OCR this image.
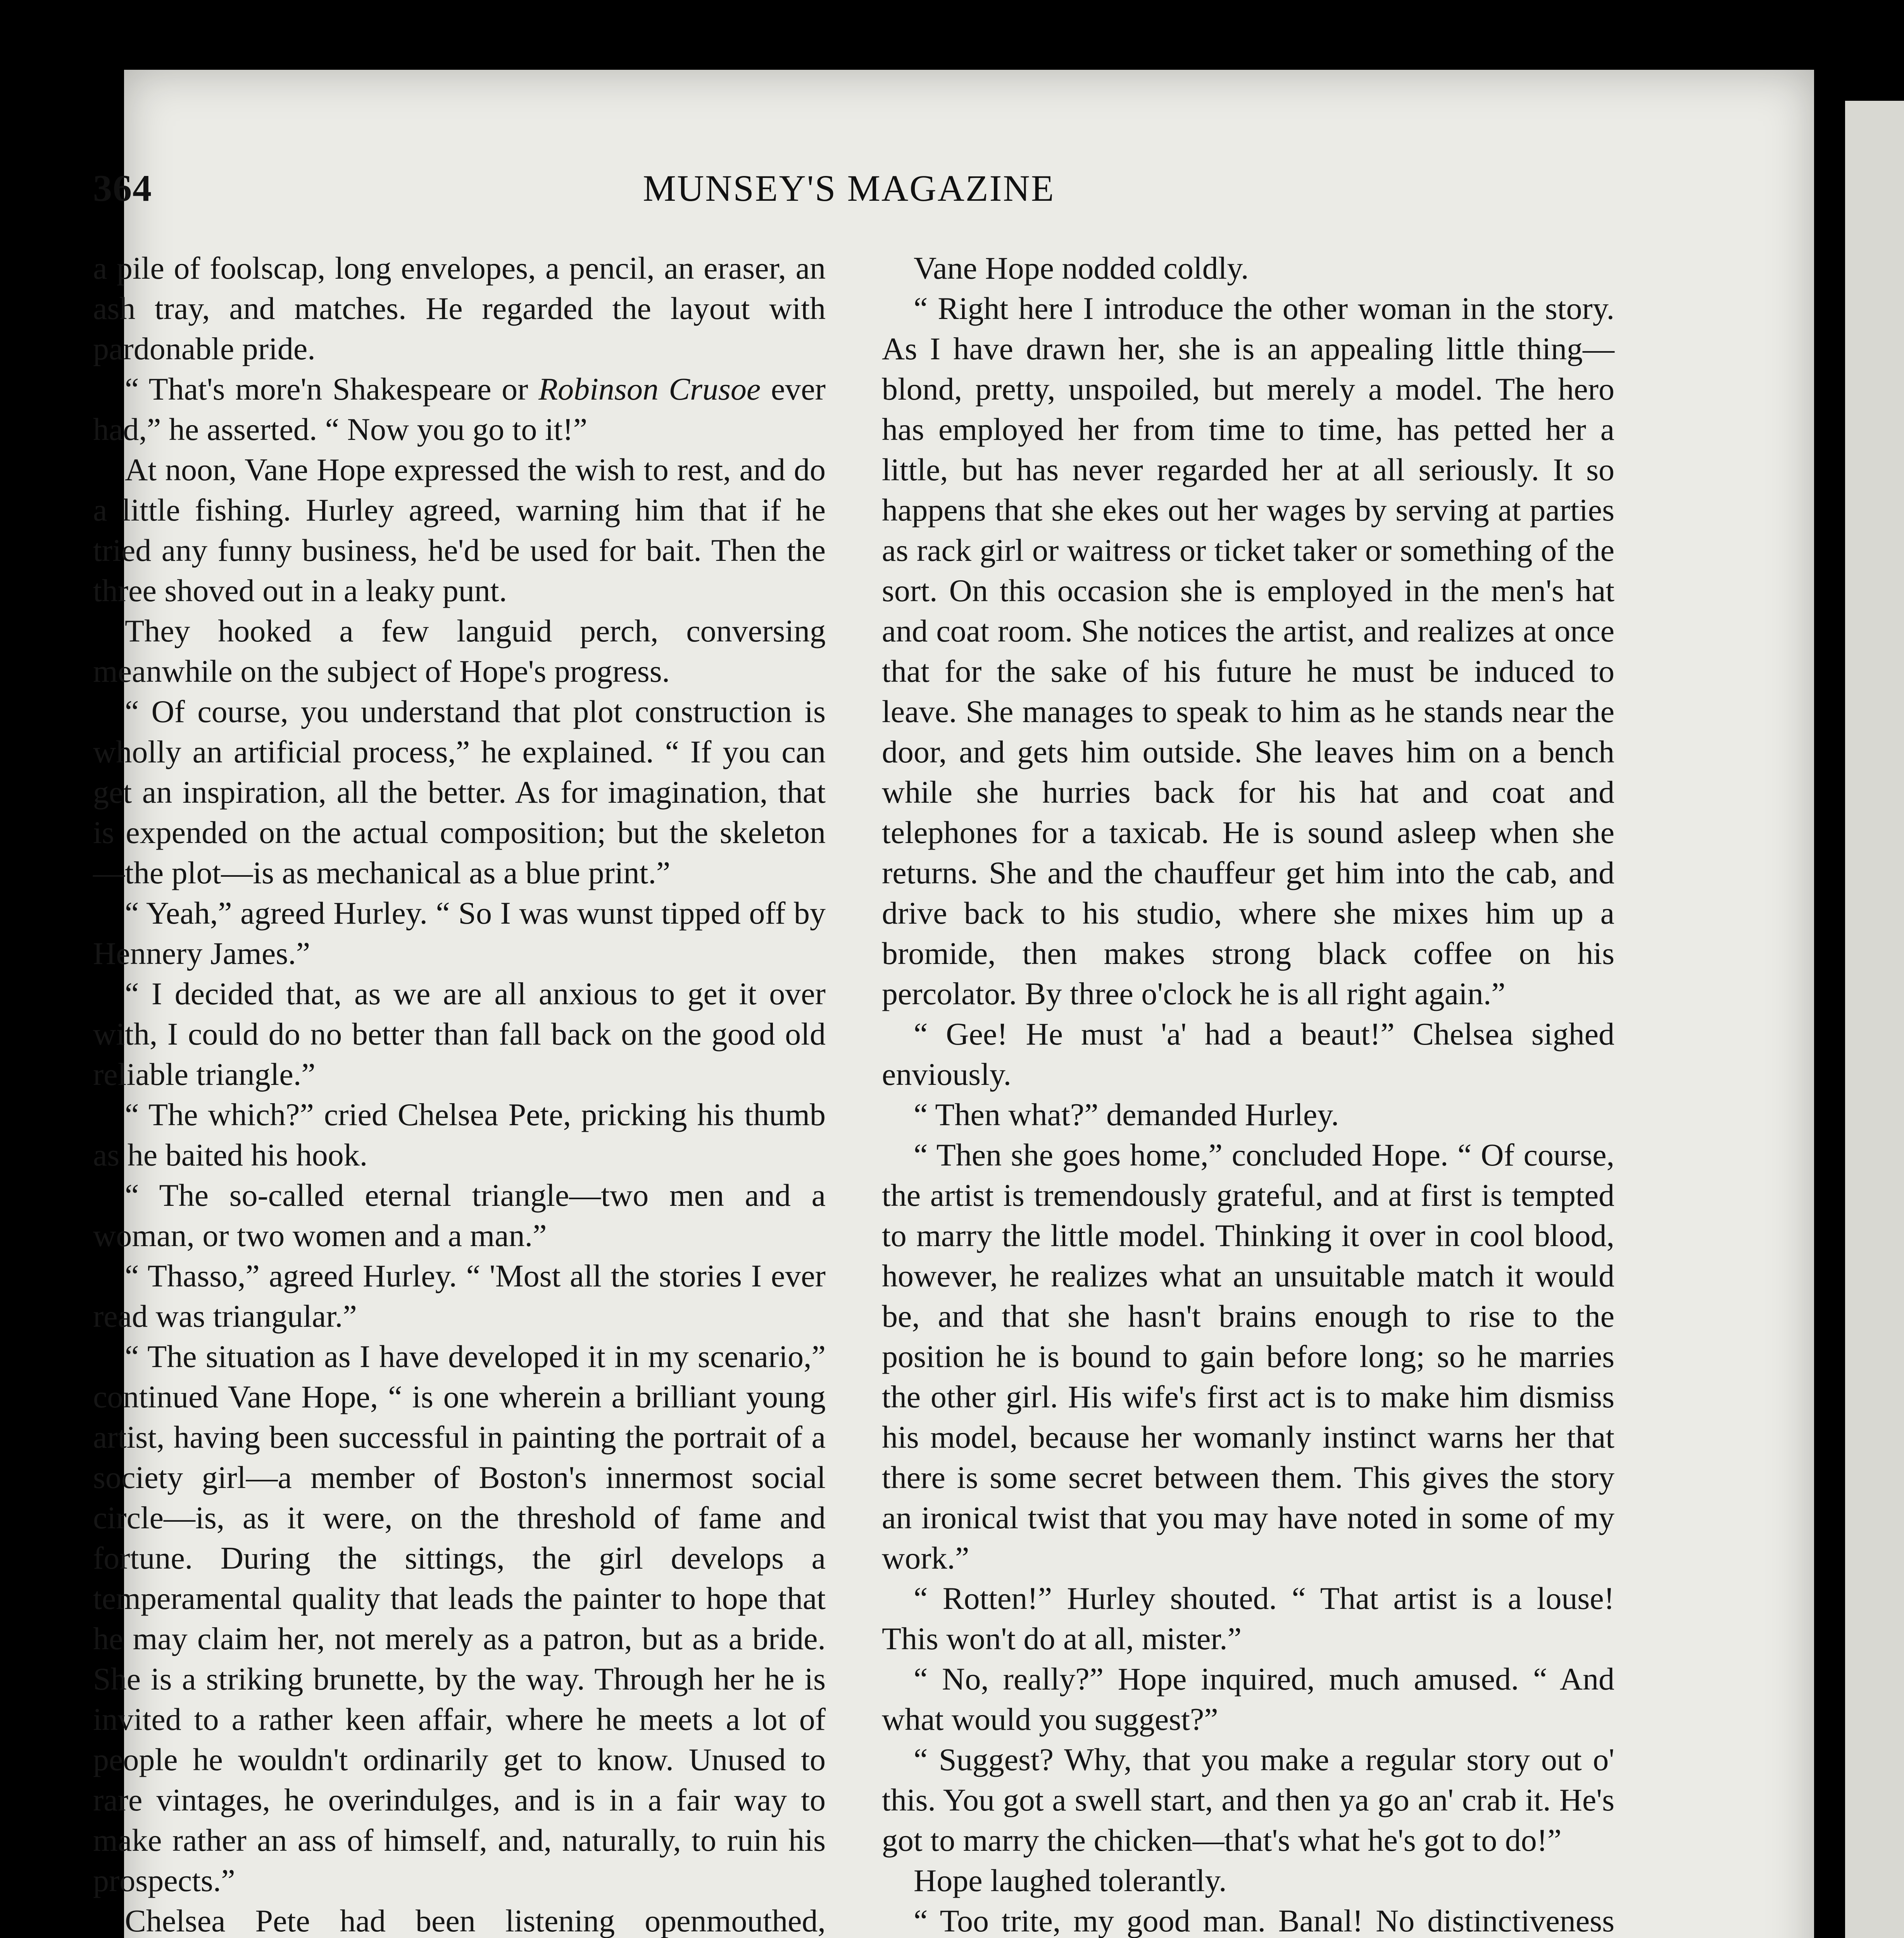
364	MUNSEY'S MAGAZINE

a pile of foolscap, long envelopes, a pencil, an eraser, an ash tray, and matches. He regarded the layout with pardonable pride.

“ That's more'n Shakespeare or Robinson Crusoe ever had,” he asserted. “ Now you go to it!”

At noon, Vane Hope expressed the wish to rest, and do a little fishing. Hurley agreed, warning him that if he tried any funny business, he'd be used for bait. Then the three shoved out in a leaky punt.

They hooked a few languid perch, conversing meanwhile on the subject of Hope's progress.

“ Of course, you understand that plot construction is wholly an artificial process,” he explained. “ If you can get an inspiration, all the better. As for imagination, that is expended on the actual composition; but the skeleton—the plot—is as mechanical as a blue print.”

“ Yeah,” agreed Hurley. “ So I was wunst tipped off by Hennery James.”

“ I decided that, as we are all anxious to get it over with, I could do no better than fall back on the good old reliable triangle.”

“ The which?” cried Chelsea Pete, pricking his thumb as he baited his hook.

“ The so-called eternal triangle—two men and a woman, or two women and a man.”

“ Thasso,” agreed Hurley. “ 'Most all the stories I ever read was triangular.”

“ The situation as I have developed it in my scenario,” continued Vane Hope, “ is one wherein a brilliant young artist, having been successful in painting the portrait of a society girl—a member of Boston's innermost social circle—is, as it were, on the threshold of fame and fortune. During the sittings, the girl develops a temperamental quality that leads the painter to hope that he may claim her, not merely as a patron, but as a bride. She is a striking brunette, by the way. Through her he is invited to a rather keen affair, where he meets a lot of people he wouldn't ordinarily get to know. Unused to rare vintages, he overindulges, and is in a fair way to make rather an ass of himself, and, naturally, to ruin his prospects.”

Chelsea Pete had been listening openmouthed,

Vane Hope nodded coldly.

“ Right here I introduce the other woman in the story. As I have drawn her, she is an appealing little thing—blond, pretty, unspoiled, but merely a model. The hero has employed her from time to time, has petted her a little, but has never regarded her at all seriously. It so happens that she ekes out her wages by serving at parties as rack girl or waitress or ticket taker or something of the sort. On this occasion she is employed in the men's hat and coat room. She notices the artist, and realizes at once that for the sake of his future he must be induced to leave. She manages to speak to him as he stands near the door, and gets him outside. She leaves him on a bench while she hurries back for his hat and coat and telephones for a taxicab. He is sound asleep when she returns. She and the chauffeur get him into the cab, and drive back to his studio, where she mixes him up a bromide, then makes strong black coffee on his percolator. By three o'clock he is all right again.”

“ Gee! He must 'a' had a beaut!” Chelsea sighed enviously.

“ Then what?” demanded Hurley.

“ Then she goes home,” concluded Hope. “ Of course, the artist is tremendously grateful, and at first is tempted to marry the little model. Thinking it over in cool blood, however, he realizes what an unsuitable match it would be, and that she hasn't brains enough to rise to the position he is bound to gain before long; so he marries the other girl. His wife's first act is to make him dismiss his model, because her womanly instinct warns her that there is some secret between them. This gives the story an ironical twist that you may have noted in some of my work.”

“ Rotten!” Hurley shouted. “ That artist is a louse! This won't do at all, mister.”

“ No, really?” Hope inquired, much amused. “ And what would you suggest?”

“ Suggest? Why, that you make a regular story out o' this. You got a swell start, and then ya go an' crab it. He's got to marry the chicken—that's what he's got to do!”

Hope laughed tolerantly.

“ Too trite, my good man. Banal! No distinctiveness
